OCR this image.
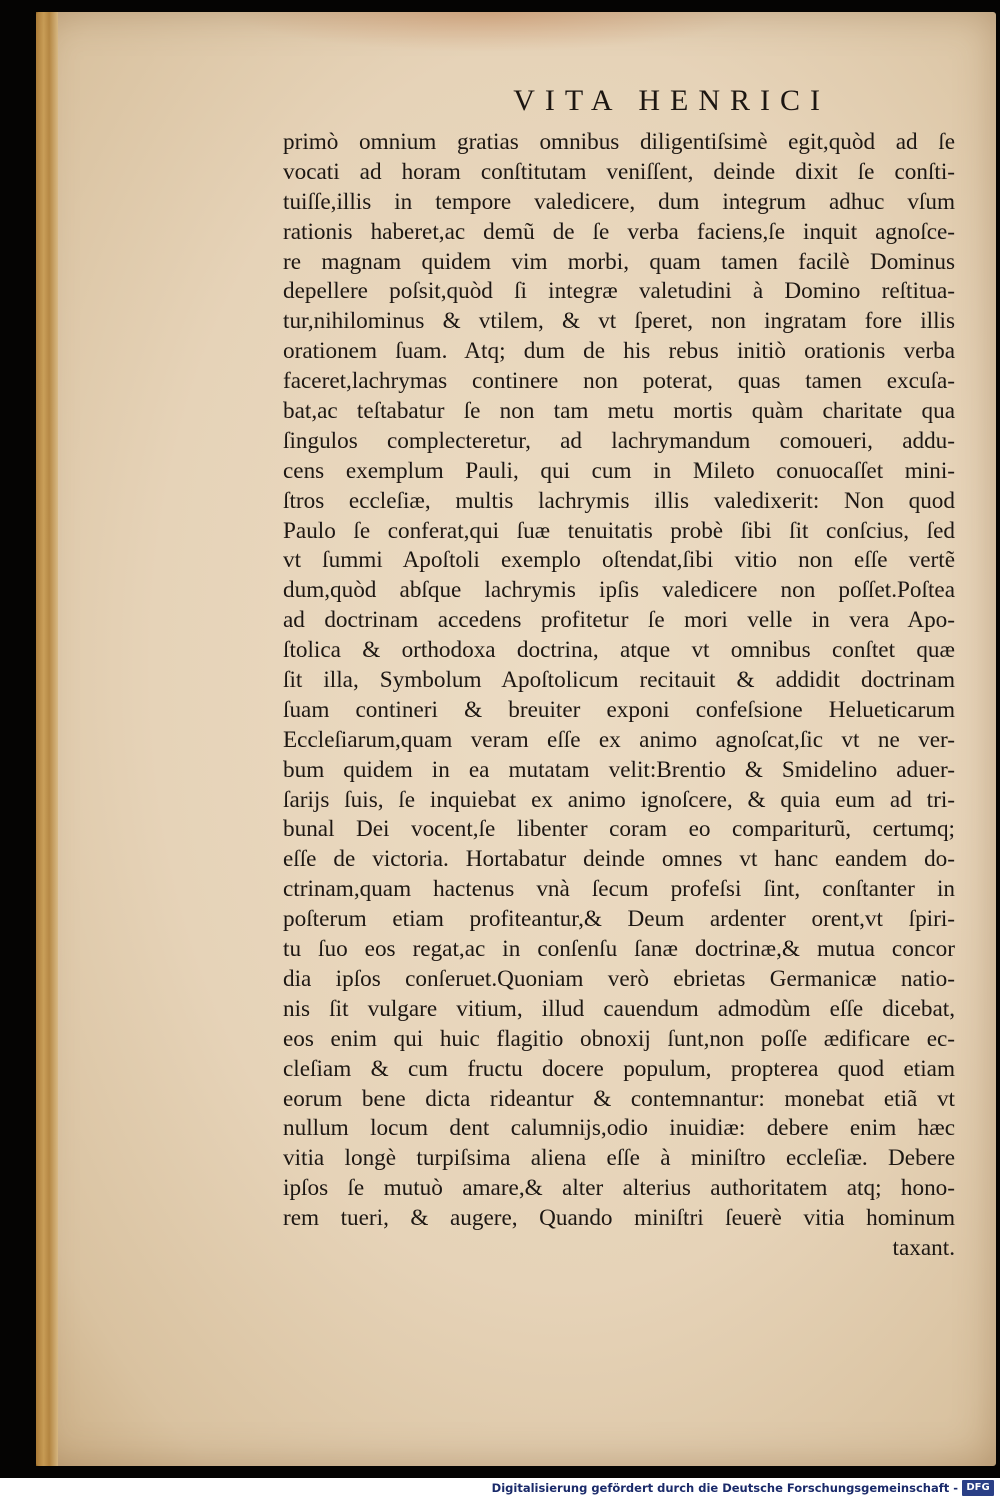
VITA HENRICI
primò omnium gratias omnibus diligentiſsimè egit,quòd ad ſe
vocati ad horam conſtitutam veniſſent, deinde dixit ſe conſti-
tuiſſe,illis in tempore valedicere, dum integrum adhuc vſum
rationis haberet,ac demũ de ſe verba faciens,ſe inquit agnoſce-
re magnam quidem vim morbi, quam tamen facilè Dominus
depellere poſsit,quòd ſi integræ valetudini à Domino reſtitua-
tur,nihilominus & vtilem, & vt ſperet, non ingratam fore illis
orationem ſuam. Atq; dum de his rebus initiò orationis verba
faceret,lachrymas continere non poterat, quas tamen excuſa-
bat,ac teſtabatur ſe non tam metu mortis quàm charitate qua
ſingulos complecteretur, ad lachrymandum comoueri, addu-
cens exemplum Pauli, qui cum in Mileto conuocaſſet mini-
ſtros eccleſiæ, multis lachrymis illis valedixerit: Non quod
Paulo ſe conferat,qui ſuæ tenuitatis probè ſibi ſit conſcius, ſed
vt ſummi Apoſtoli exemplo oſtendat,ſibi vitio non eſſe vertẽ
dum,quòd abſque lachrymis ipſis valedicere non poſſet.Poſtea
ad doctrinam accedens profitetur ſe mori velle in vera Apo-
ſtolica & orthodoxa doctrina, atque vt omnibus conſtet quæ
ſit illa, Symbolum Apoſtolicum recitauit & addidit doctrinam
ſuam contineri & breuiter exponi confeſsione Helueticarum
Eccleſiarum,quam veram eſſe ex animo agnoſcat,ſic vt ne ver-
bum quidem in ea mutatam velit:Brentio & Smidelino aduer-
ſarijs ſuis, ſe inquiebat ex animo ignoſcere, & quia eum ad tri-
bunal Dei vocent,ſe libenter coram eo compariturũ, certumq;
eſſe de victoria. Hortabatur deinde omnes vt hanc eandem do-
ctrinam,quam hactenus vnà ſecum profeſsi ſint, conſtanter in
poſterum etiam profiteantur,& Deum ardenter orent,vt ſpiri-
tu ſuo eos regat,ac in conſenſu ſanæ doctrinæ,& mutua concor
dia ipſos conſeruet.Quoniam verò ebrietas Germanicæ natio-
nis ſit vulgare vitium, illud cauendum admodùm eſſe dicebat,
eos enim qui huic flagitio obnoxij ſunt,non poſſe ædificare ec-
cleſiam & cum fructu docere populum, propterea quod etiam
eorum bene dicta rideantur & contemnantur: monebat etiã vt
nullum locum dent calumnijs,odio inuidiæ: debere enim hæc
vitia longè turpiſsima aliena eſſe à miniſtro eccleſiæ. Debere
ipſos ſe mutuò amare,& alter alterius authoritatem atq; hono-
rem tueri, & augere, Quando miniſtri ſeuerè vitia hominum
taxant.
Digitalisierung gefördert durch die Deutsche Forschungsgemeinschaft - DFG
